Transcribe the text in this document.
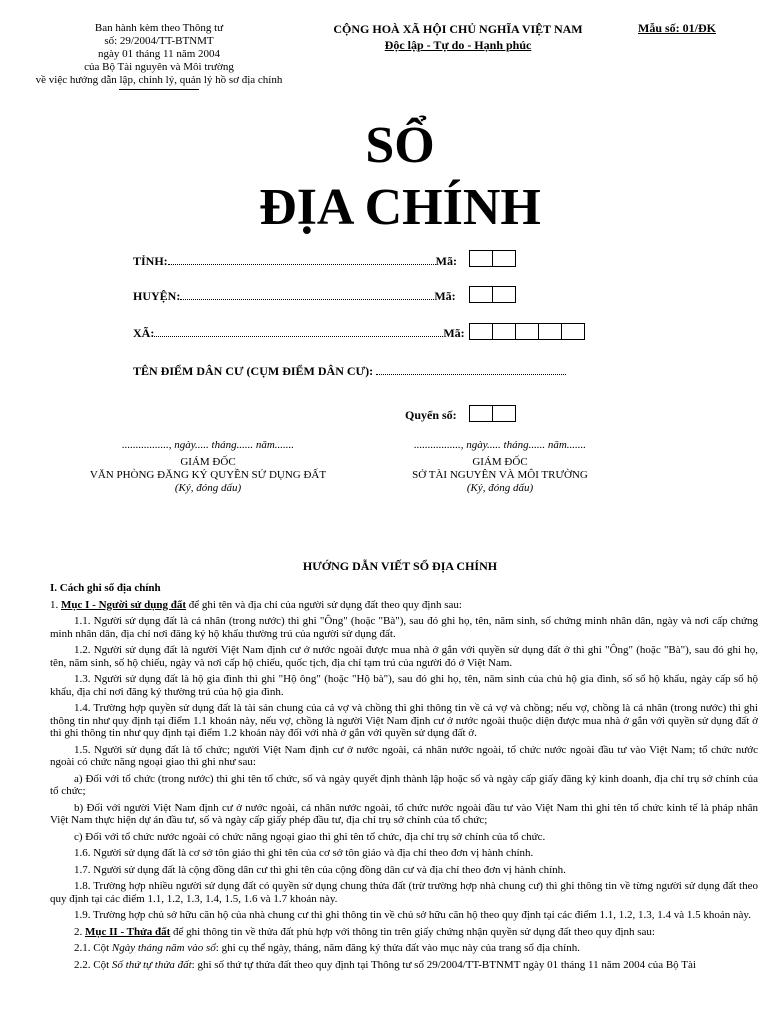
Ban hành kèm theo Thông tư
số: 29/2004/TT-BTNMT
ngày 01 tháng 11 năm 2004
của Bộ Tài nguyên và Môi trường
về việc hướng dẫn lập, chỉnh lý, quản lý hồ sơ địa chính
CỘNG HOÀ XÃ HỘI CHỦ NGHĨA VIỆT NAM
Độc lập - Tự do - Hạnh phúc
Mẫu số: 01/ĐK
SỔ
ĐỊA CHÍNH
TỈNH:	Mã:
HUYỆN:	Mã:
XÃ:	Mã:
TÊN ĐIỂM DÂN CƯ (CỤM ĐIỂM DÂN CƯ):
Quyển số:
................., ngày..... tháng...... năm.......
GIÁM ĐỐC
VĂN PHÒNG ĐĂNG KÝ QUYỀN SỬ DỤNG ĐẤT
(Ký, đóng dấu)
................., ngày..... tháng...... năm.......
GIÁM ĐỐC
SỞ TÀI NGUYÊN VÀ MÔI TRƯỜNG
(Ký, đóng dấu)
HƯỚNG DẪN VIẾT SỔ ĐỊA CHÍNH

I. Cách ghi sổ địa chính

1. Mục I - Người sử dụng đất để ghi tên và địa chỉ của người sử dụng đất theo quy định sau:

1.1. Người sử dụng đất là cá nhân (trong nước) thì ghi "Ông" (hoặc "Bà"), sau đó ghi họ, tên, năm sinh, số chứng minh nhân dân, ngày và nơi cấp chứng minh nhân dân, địa chỉ nơi đăng ký hộ khẩu thường trú của người sử dụng đất.

1.2. Người sử dụng đất là người Việt Nam định cư ở nước ngoài được mua nhà ở gắn với quyền sử dụng đất ở thì ghi "Ông" (hoặc "Bà"), sau đó ghi họ, tên, năm sinh, số hộ chiếu, ngày và nơi cấp hộ chiếu, quốc tịch, địa chỉ tạm trú của người đó ở Việt Nam.

1.3. Người sử dụng đất là hộ gia đình thì ghi "Hộ ông" (hoặc "Hộ bà"), sau đó ghi họ, tên, năm sinh của chủ hộ gia đình, số sổ hộ khẩu, ngày cấp sổ hộ khẩu, địa chỉ nơi đăng ký thường trú của hộ gia đình.

1.4. Trường hợp quyền sử dụng đất là tài sản chung của cả vợ và chồng thì ghi thông tin về cả vợ và chồng; nếu vợ, chồng là cá nhân (trong nước) thì ghi thông tin như quy định tại điểm 1.1 khoản này, nếu vợ, chồng là người Việt Nam định cư ở nước ngoài thuộc diện được mua nhà ở gắn với quyền sử dụng đất ở thì ghi thông tin như quy định tại điểm 1.2 khoản này đối với nhà ở gắn với quyền sử dụng đất ở.

1.5. Người sử dụng đất là tổ chức; người Việt Nam định cư ở nước ngoài, cá nhân nước ngoài, tổ chức nước ngoài đầu tư vào Việt Nam; tổ chức nước ngoài có chức năng ngoại giao thì ghi như sau:

a) Đối với tổ chức (trong nước) thì ghi tên tổ chức, số và ngày quyết định thành lập hoặc số và ngày cấp giấy đăng ký kinh doanh, địa chỉ trụ sở chính của tổ chức;

b) Đối với người Việt Nam định cư ở nước ngoài, cá nhân nước ngoài, tổ chức nước ngoài đầu tư vào Việt Nam thì ghi tên tổ chức kinh tế là pháp nhân Việt Nam thực hiện dự án đầu tư, số và ngày cấp giấy phép đầu tư, địa chỉ trụ sở chính của tổ chức;

c) Đối với tổ chức nước ngoài có chức năng ngoại giao thì ghi tên tổ chức, địa chỉ trụ sở chính của tổ chức.

1.6. Người sử dụng đất là cơ sở tôn giáo thì ghi tên của cơ sở tôn giáo và địa chỉ theo đơn vị hành chính.

1.7. Người sử dụng đất là cộng đồng dân cư thì ghi tên của cộng đồng dân cư và địa chỉ theo đơn vị hành chính.

1.8. Trường hợp nhiều người sử dụng đất có quyền sử dụng chung thửa đất (trừ trường hợp nhà chung cư) thì ghi thông tin về từng người sử dụng đất theo quy định tại các điểm 1.1, 1.2, 1.3, 1.4, 1.5, 1.6 và 1.7 khoản này.

1.9. Trường hợp chủ sở hữu căn hộ của nhà chung cư thì ghi thông tin về chủ sở hữu căn hộ theo quy định tại các điểm 1.1, 1.2, 1.3, 1.4 và 1.5 khoản này.

2. Mục II - Thửa đất để ghi thông tin về thửa đất phù hợp với thông tin trên giấy chứng nhận quyền sử dụng đất theo quy định sau:

2.1. Cột Ngày tháng năm vào sổ: ghi cụ thể ngày, tháng, năm đăng ký thửa đất vào mục này của trang sổ địa chính.

2.2. Cột Số thứ tự thửa đất: ghi số thứ tự thửa đất theo quy định tại Thông tư số 29/2004/TT-BTNMT ngày 01 tháng 11 năm 2004 của Bộ Tài
